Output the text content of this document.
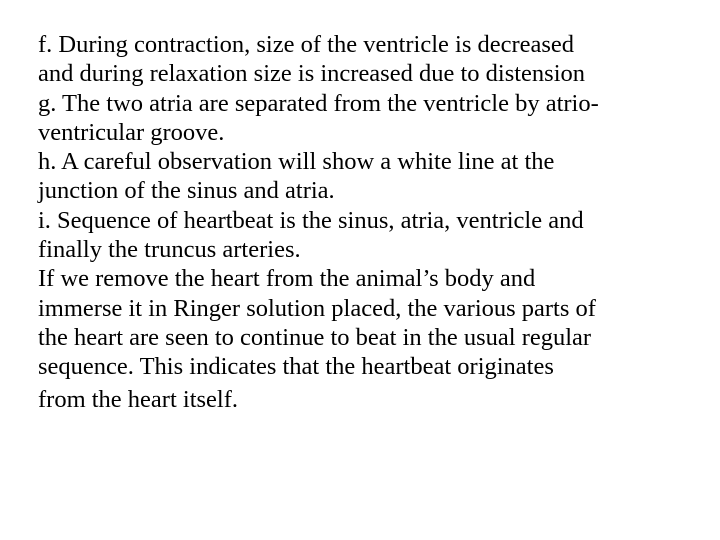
f. During contraction, size of the ventricle is decreased
and during relaxation size is increased due to distension
g. The two atria are separated from the ventricle by atrio-
ventricular groove.
h. A careful observation will show a white line at the
junction of the sinus and atria.
i. Sequence of heartbeat is the sinus, atria, ventricle and
finally the truncus arteries.
If we remove the heart from the animal’s body and
immerse it in Ringer solution placed, the various parts of
the heart are seen to continue to beat in the usual regular
sequence. This indicates that the heartbeat originates
from the heart itself.
